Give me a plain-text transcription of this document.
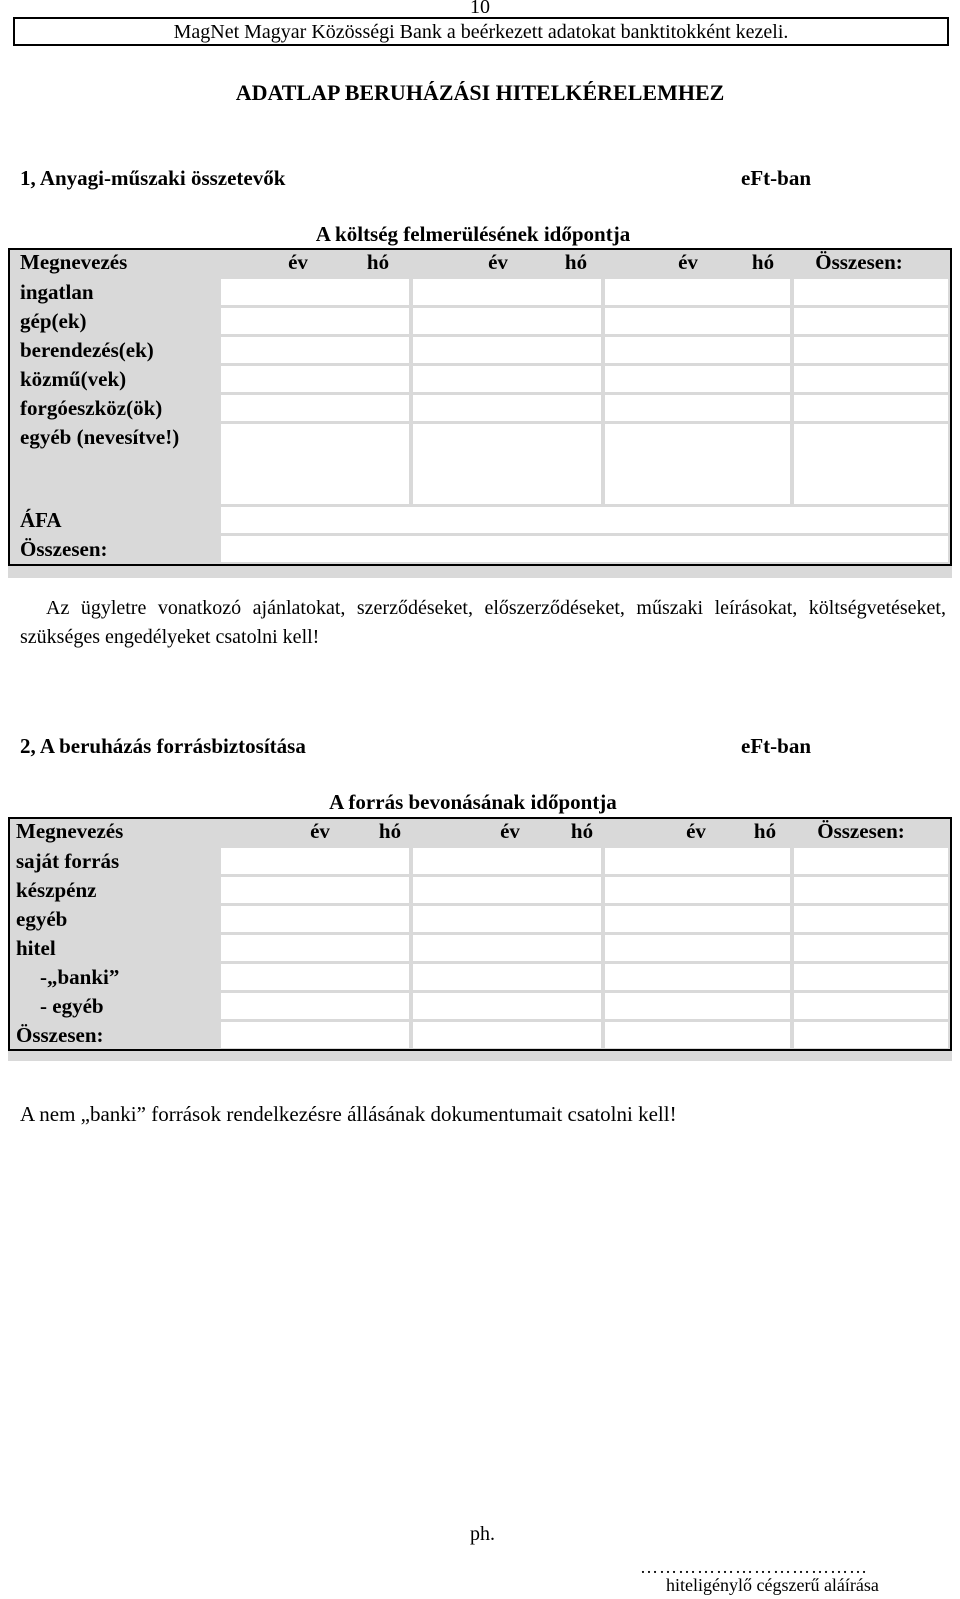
10
MagNet Magyar Közösségi Bank a beérkezett adatokat banktitokként kezeli.
ADATLAP BERUHÁZÁSI HITELKÉRELEMHEZ
1, Anyagi-műszaki összetevők	eFt-ban
A költség felmerülésének időpontja
Megnevezés	év	hó	év	hó	év	hó	Összesen:
ingatlan
gép(ek)
berendezés(ek)
közmű(vek)
forgóeszköz(ök)
egyéb (nevesítve!)
ÁFA
Összesen:
Az ügyletre vonatkozó ajánlatokat, szerződéseket, előszerződéseket, műszaki leírásokat, költségvetéseket, szükséges engedélyeket csatolni kell!
2, A beruházás forrásbiztosítása	eFt-ban
A forrás bevonásának időpontja
Megnevezés	év	hó	év	hó	év	hó	Összesen:
saját forrás
készpénz
egyéb
hitel
-„banki”
- egyéb
Összesen:
A nem „banki” források rendelkezésre állásának dokumentumait csatolni kell!
ph.
………………………………
hiteligénylő cégszerű aláírása
